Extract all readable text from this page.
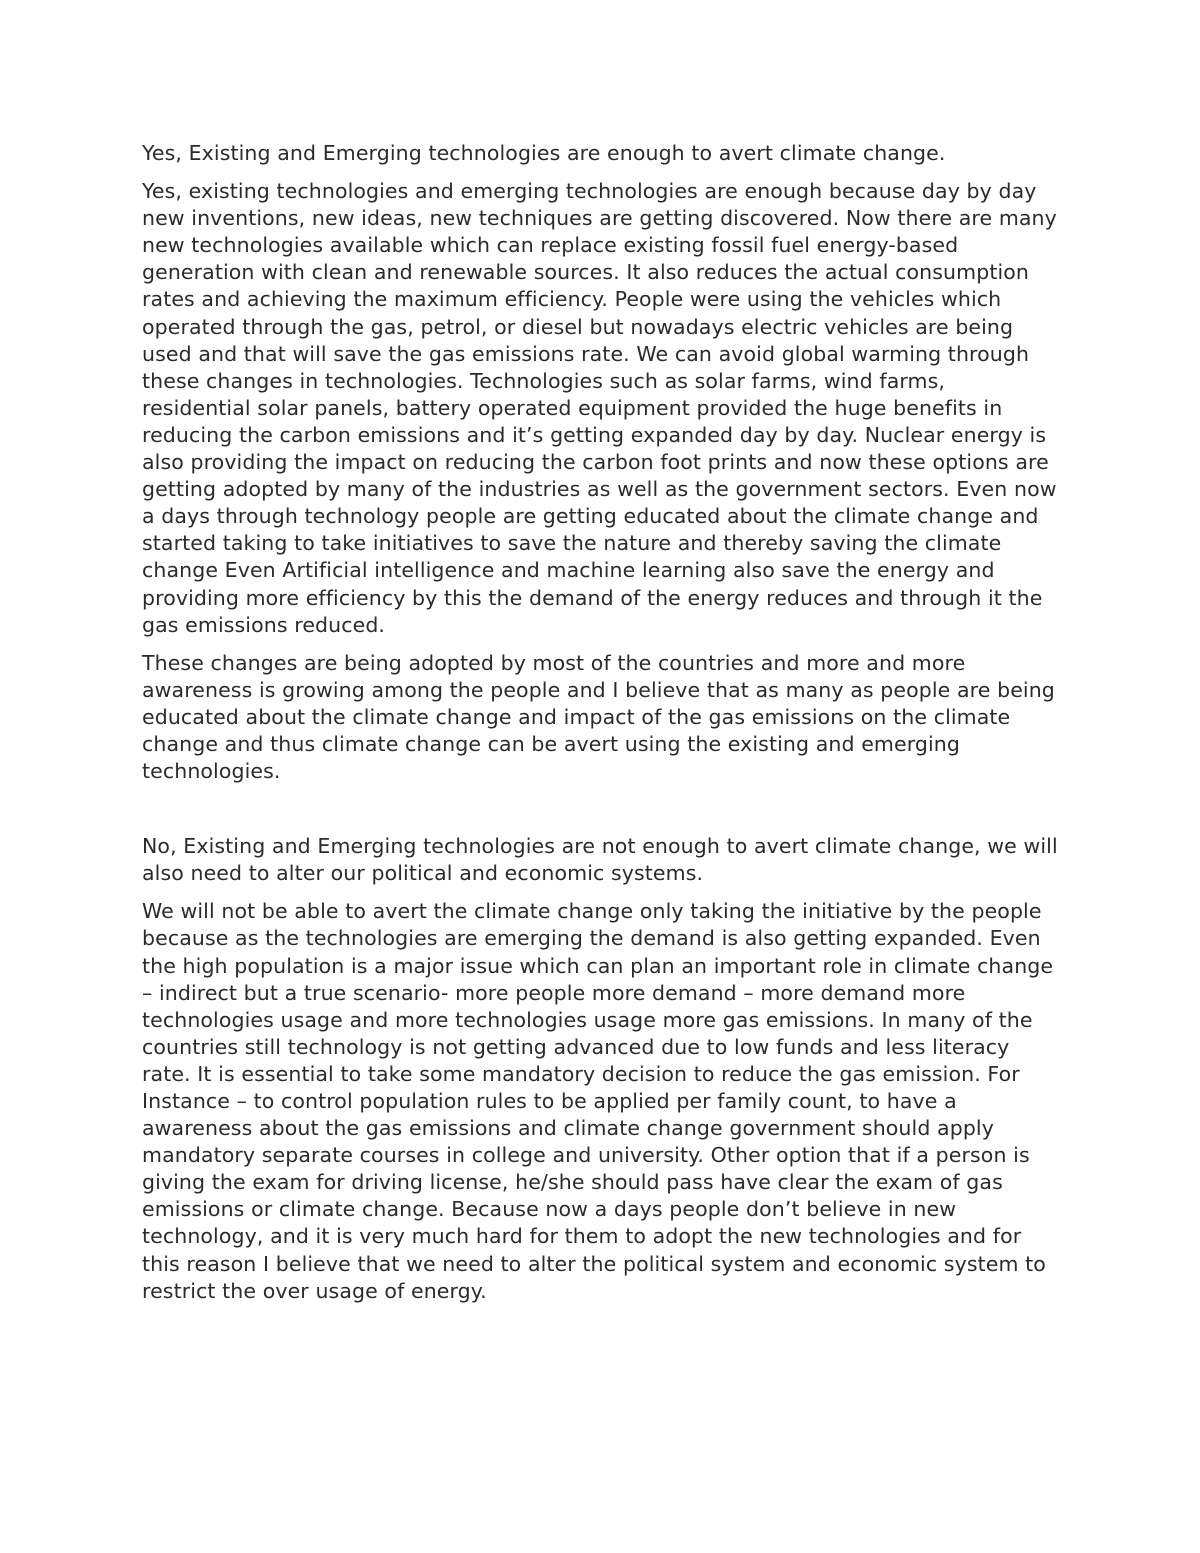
Yes, Existing and Emerging technologies are enough to avert climate change.

Yes, existing technologies and emerging technologies are enough because day by day new inventions, new ideas, new techniques are getting discovered. Now there are many new technologies available which can replace existing fossil fuel energy-based generation with clean and renewable sources. It also reduces the actual consumption rates and achieving the maximum efficiency. People were using the vehicles which operated through the gas, petrol, or diesel but nowadays electric vehicles are being used and that will save the gas emissions rate. We can avoid global warming through these changes in technologies. Technologies such as solar farms, wind farms, residential solar panels, battery operated equipment provided the huge benefits in reducing the carbon emissions and it’s getting expanded day by day. Nuclear energy is also providing the impact on reducing the carbon foot prints and now these options are getting adopted by many of the industries as well as the government sectors. Even now a days through technology people are getting educated about the climate change and started taking to take initiatives to save the nature and thereby saving the climate change Even Artificial intelligence and machine learning also save the energy and providing more efficiency by this the demand of the energy reduces and through it the gas emissions reduced.

These changes are being adopted by most of the countries and more and more awareness is growing among the people and I believe that as many as people are being educated about the climate change and impact of the gas emissions on the climate change and thus climate change can be avert using the existing and emerging technologies.

No, Existing and Emerging technologies are not enough to avert climate change, we will also need to alter our political and economic systems.

We will not be able to avert the climate change only taking the initiative by the people because as the technologies are emerging the demand is also getting expanded. Even the high population is a major issue which can plan an important role in climate change – indirect but a true scenario- more people more demand – more demand more technologies usage and more technologies usage more gas emissions. In many of the countries still technology is not getting advanced due to low funds and less literacy rate. It is essential to take some mandatory decision to reduce the gas emission. For Instance – to control population rules to be applied per family count, to have a awareness about the gas emissions and climate change government should apply mandatory separate courses in college and university. Other option that if a person is giving the exam for driving license, he/she should pass have clear the exam of gas emissions or climate change. Because now a days people don’t believe in new technology, and it is very much hard for them to adopt the new technologies and for this reason I believe that we need to alter the political system and economic system to restrict the over usage of energy.
